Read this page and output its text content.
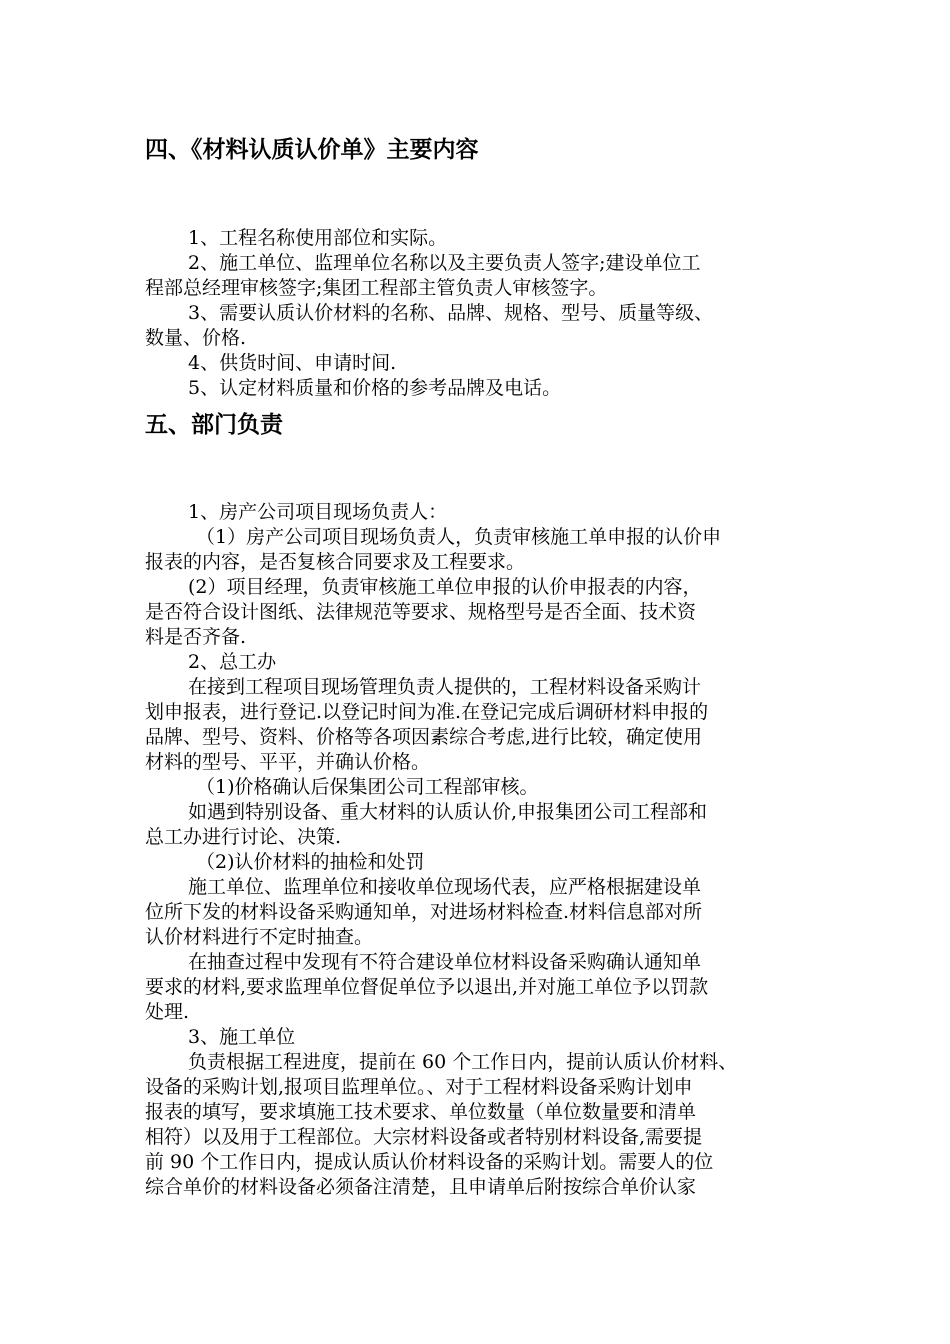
四、《材料认质认价单》主要内容
1、工程名称使用部位和实际。
2、施工单位、监理单位名称以及主要负责人签字;建设单位工
程部总经理审核签字;集团工程部主管负责人审核签字。
3、需要认质认价材料的名称、品牌、规格、型号、质量等级、
数量、价格.
4、供货时间、申请时间.
5、认定材料质量和价格的参考品牌及电话。
五、部门负责
1、房产公司项目现场负责人：
（1）房产公司项目现场负责人，负责审核施工单申报的认价申
报表的内容，是否复核合同要求及工程要求。
(2）项目经理，负责审核施工单位申报的认价申报表的内容，
是否符合设计图纸、法律规范等要求、规格型号是否全面、技术资
料是否齐备.
2、总工办
在接到工程项目现场管理负责人提供的，工程材料设备采购计
划申报表，进行登记.以登记时间为准.在登记完成后调研材料申报的
品牌、型号、资料、价格等各项因素综合考虑,进行比较，确定使用
材料的型号、平平，并确认价格。
（1)价格确认后保集团公司工程部审核。
如遇到特别设备、重大材料的认质认价,申报集团公司工程部和
总工办进行讨论、决策.
（2)认价材料的抽检和处罚
施工单位、监理单位和接收单位现场代表，应严格根据建设单
位所下发的材料设备采购通知单，对进场材料检查.材料信息部对所
认价材料进行不定时抽查。
在抽查过程中发现有不符合建设单位材料设备采购确认通知单
要求的材料,要求监理单位督促单位予以退出,并对施工单位予以罚款
处理.
3、施工单位
负责根据工程进度，提前在 60 个工作日内，提前认质认价材料、
设备的采购计划,报项目监理单位。、对于工程材料设备采购计划申
报表的填写，要求填施工技术要求、单位数量（单位数量要和清单
相符）以及用于工程部位。大宗材料设备或者特别材料设备,需要提
前 90 个工作日内，提成认质认价材料设备的采购计划。需要人的位
综合单价的材料设备必须备注清楚，且申请单后附按综合单价认家
